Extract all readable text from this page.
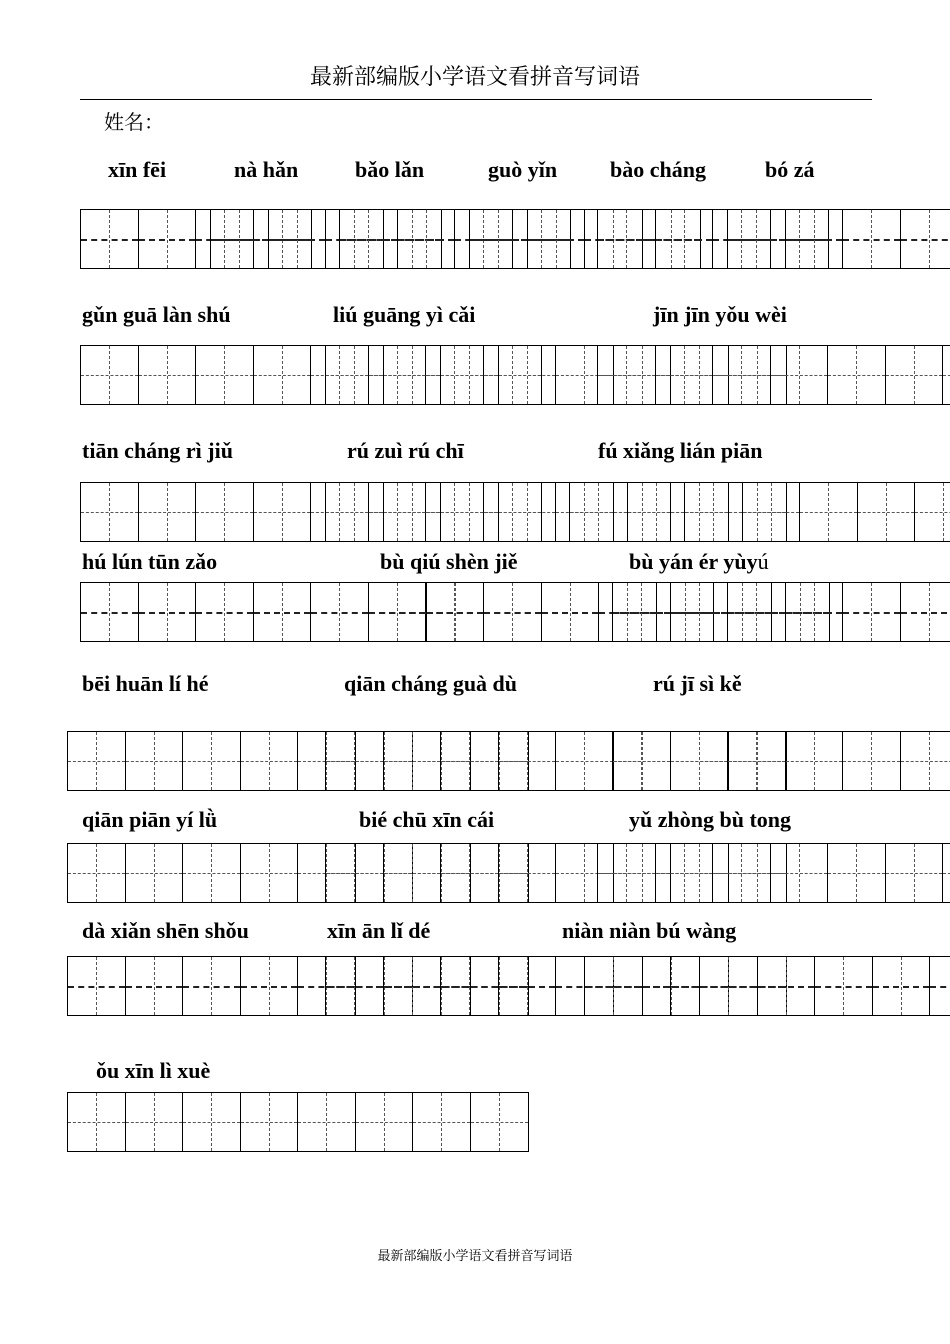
最新部编版小学语文看拼音写词语
姓名：
xīn fēi	nà hǎn	bǎo lǎn	guò yǐn bào cháng	bó zá
gǔn guā làn shú	liú guāng yì cǎi	jīn jīn yǒu wèi
tiān cháng rì jiǔ	rú zuì rú chī	fú xiǎng lián piān
hú lún tūn zǎo	bù qiú shèn jiě	bù yán ér yùyú
bēi huān lí hé	qiān cháng guà dù	rú jī sì kě
qiān piān yí lǜ	bié chū xīn cái	yǔ zhòng bù tong
dà xiǎn shēn shǒu	xīn ān lǐ dé	niàn niàn bú wàng
ǒu xīn lì xuè
最新部编版小学语文看拼音写词语
